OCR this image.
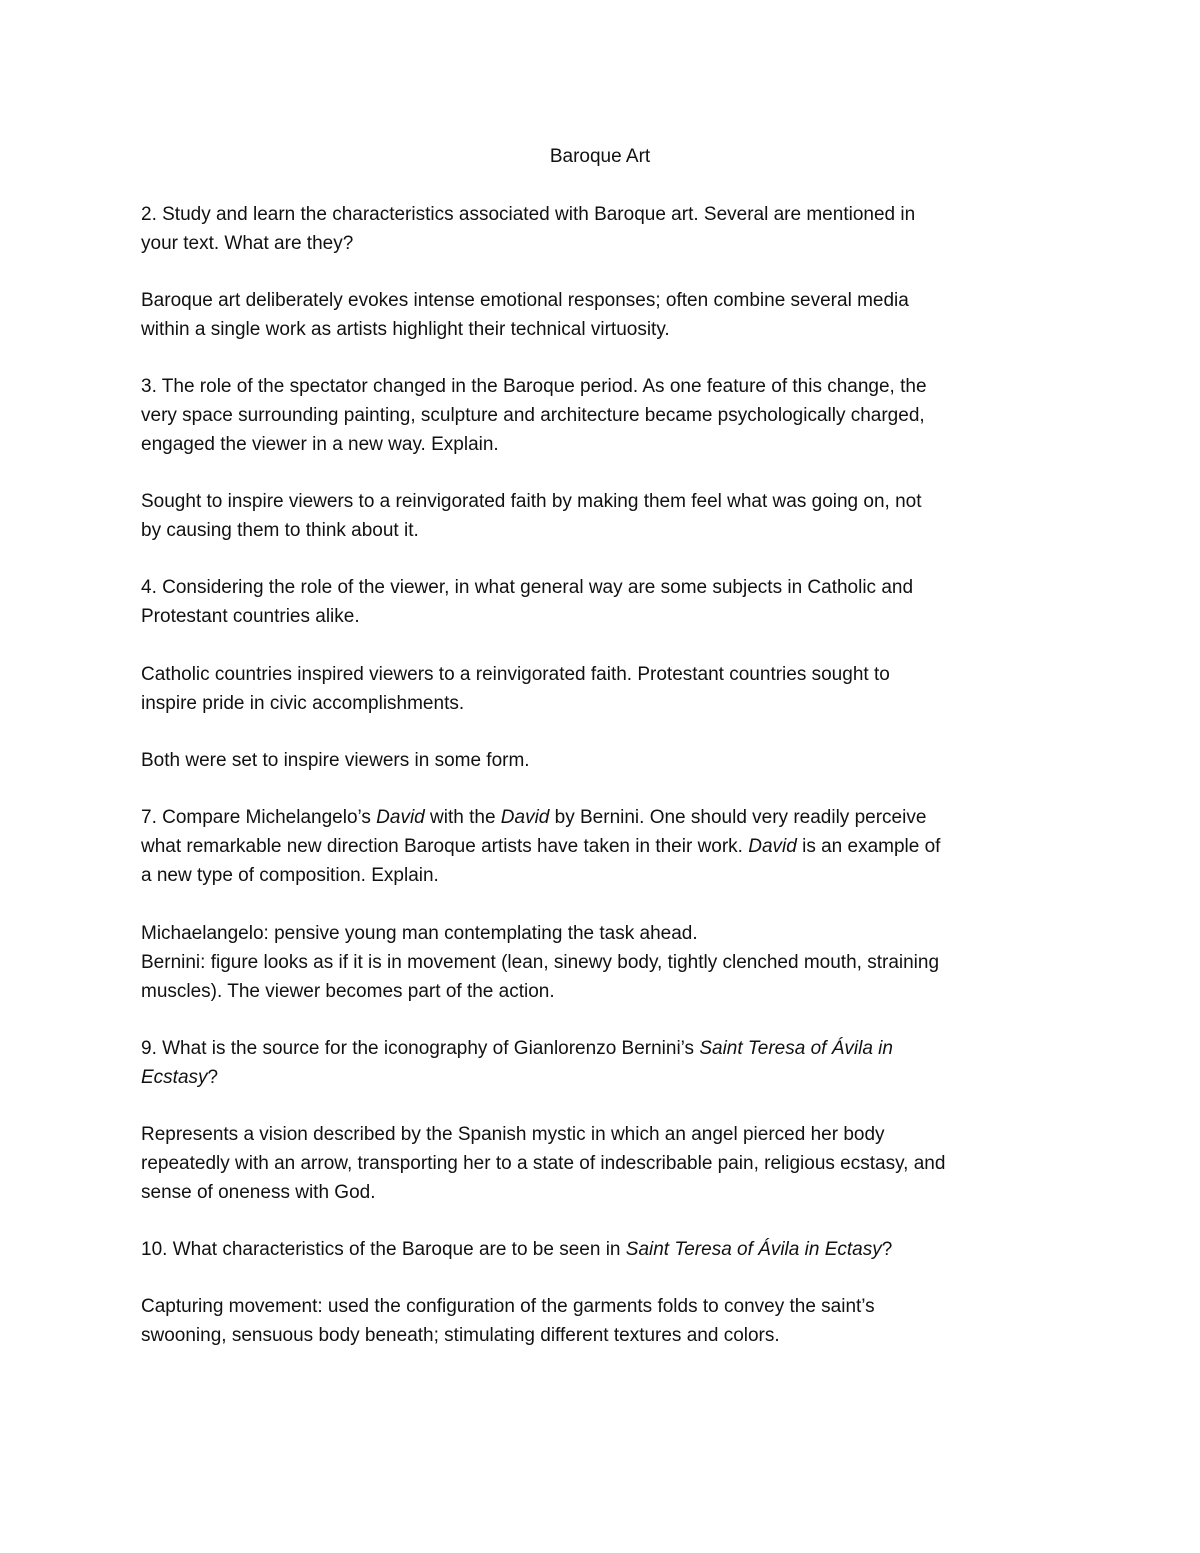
Baroque Art

2. Study and learn the characteristics associated with Baroque art. Several are mentioned in
your text. What are they?

Baroque art deliberately evokes intense emotional responses; often combine several media
within a single work as artists highlight their technical virtuosity.

3. The role of the spectator changed in the Baroque period. As one feature of this change, the
very space surrounding painting, sculpture and architecture became psychologically charged,
engaged the viewer in a new way. Explain.

Sought to inspire viewers to a reinvigorated faith by making them feel what was going on, not
by causing them to think about it.

4. Considering the role of the viewer, in what general way are some subjects in Catholic and
Protestant countries alike.

Catholic countries inspired viewers to a reinvigorated faith. Protestant countries sought to
inspire pride in civic accomplishments.

Both were set to inspire viewers in some form.

7. Compare Michelangelo’s David with the David by Bernini. One should very readily perceive
what remarkable new direction Baroque artists have taken in their work. David is an example of
a new type of composition. Explain.

Michaelangelo: pensive young man contemplating the task ahead.
Bernini: figure looks as if it is in movement (lean, sinewy body, tightly clenched mouth, straining
muscles). The viewer becomes part of the action.

9. What is the source for the iconography of Gianlorenzo Bernini’s Saint Teresa of Ávila in
Ecstasy?

Represents a vision described by the Spanish mystic in which an angel pierced her body
repeatedly with an arrow, transporting her to a state of indescribable pain, religious ecstasy, and
sense of oneness with God.

10. What characteristics of the Baroque are to be seen in Saint Teresa of Ávila in Ectasy?

Capturing movement: used the configuration of the garments folds to convey the saint’s
swooning, sensuous body beneath; stimulating different textures and colors.
